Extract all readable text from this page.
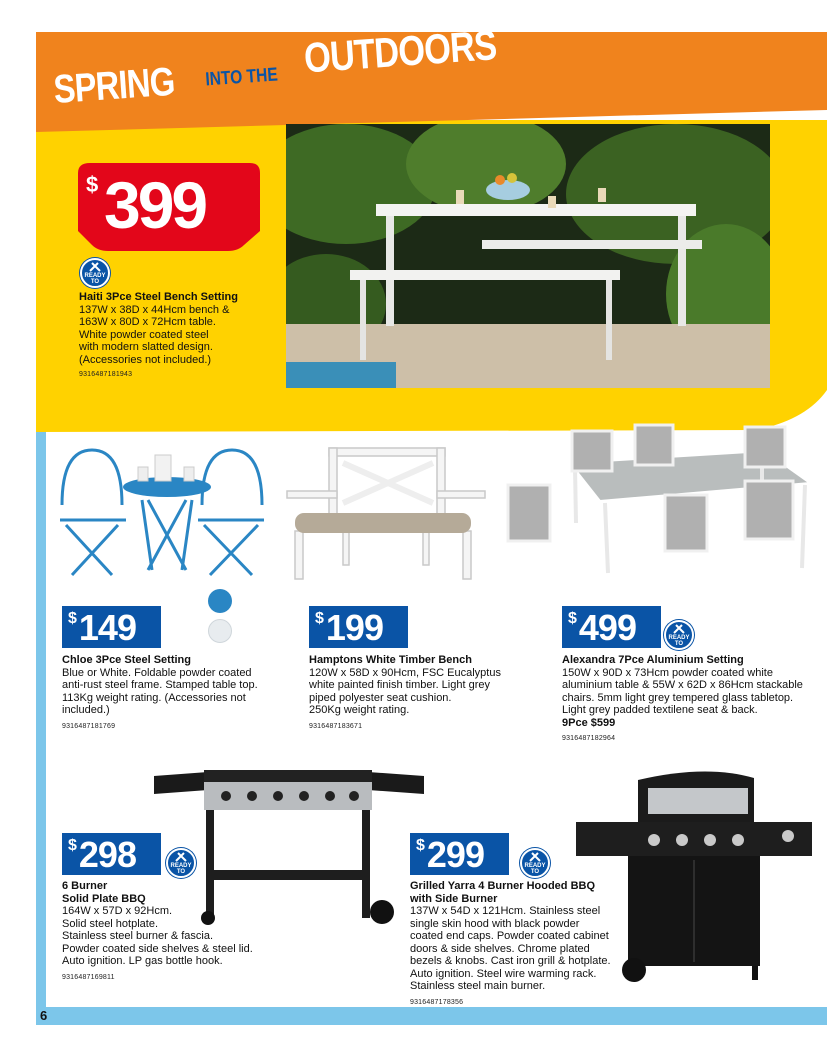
6
SPRING INTO THE OUTDOORS
$ 399
READY TO
Haiti 3Pce Steel Bench Setting
137W x 38D x 44Hcm bench &
163W x 80D x 72Hcm table.
White powder coated steel
with modern slatted design.
(Accessories not included.)
9316487181943
$ 149
Chloe 3Pce Steel Setting
Blue or White. Foldable powder coated
anti-rust steel frame. Stamped table top.
113Kg weight rating. (Accessories not
included.)
9316487181769
$ 199
Hamptons White Timber Bench
120W x 58D x 90Hcm, FSC Eucalyptus
white painted finish timber. Light grey
piped polyester seat cushion.
250Kg weight rating.
9316487183671
$ 499	READY TO
Alexandra 7Pce Aluminium Setting
150W x 90D x 73Hcm powder coated white
aluminium table & 55W x 62D x 86Hcm stackable
chairs. 5mm light grey tempered glass tabletop.
Light grey padded textilene seat & back.
9Pce $599
9316487182964
$ 298	READY TO
6 Burner
Solid Plate BBQ
164W x 57D x 92Hcm.
Solid steel hotplate.
Stainless steel burner & fascia.
Powder coated side shelves & steel lid.
Auto ignition. LP gas bottle hook.
9316487169811
$ 299	READY TO
Grilled Yarra 4 Burner Hooded BBQ
with Side Burner
137W x 54D x 121Hcm. Stainless steel
single skin hood with black powder
coated end caps. Powder coated cabinet
doors & side shelves. Chrome plated
bezels & knobs. Cast iron grill & hotplate.
Auto ignition. Steel wire warming rack.
Stainless steel main burner.
9316487178356
